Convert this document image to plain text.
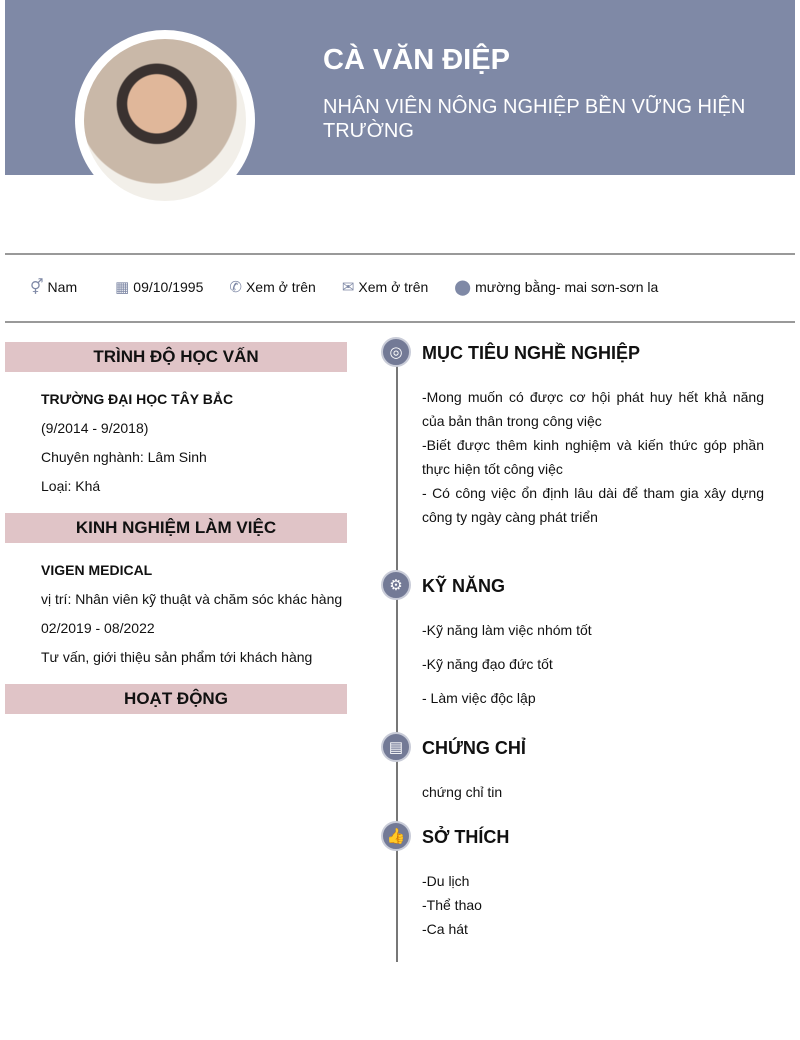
CÀ VĂN ĐIỆP
NHÂN VIÊN NÔNG NGHIỆP BỀN VỮNG HIỆN TRƯỜNG
⚥ Nam	▦ 09/10/1995 ✆ Xem ở trên ✉ Xem ở trên ⬤ mường bằng- mai sơn-sơn la
TRÌNH ĐỘ HỌC VẤN
TRƯỜNG ĐẠI HỌC TÂY BẮC
(9/2014 - 9/2018)
Chuyên nghành: Lâm Sinh
Loại: Khá
KINH NGHIỆM LÀM VIỆC
VIGEN MEDICAL
vị trí: Nhân viên kỹ thuật và chăm sóc khác hàng
02/2019 - 08/2022
Tư vấn, giới thiệu sản phẩm tới khách hàng
HOẠT ĐỘNG
◎	MỤC TIÊU NGHỀ NGHIỆP
-Mong muốn có được cơ hội phát huy hết khả năng của bản thân trong công việc
-Biết được thêm kinh nghiệm và kiến thức góp phần thực hiện tốt công việc
- Có công việc ổn định lâu dài để tham gia xây dựng công ty ngày càng phát triển
⚙	KỸ NĂNG
-Kỹ năng làm việc nhóm tốt
-Kỹ năng đạo đức tốt
- Làm việc độc lập
▤	CHỨNG CHỈ
chứng chỉ tin
👍 SỞ THÍCH
-Du lịch
-Thể thao
-Ca hát
